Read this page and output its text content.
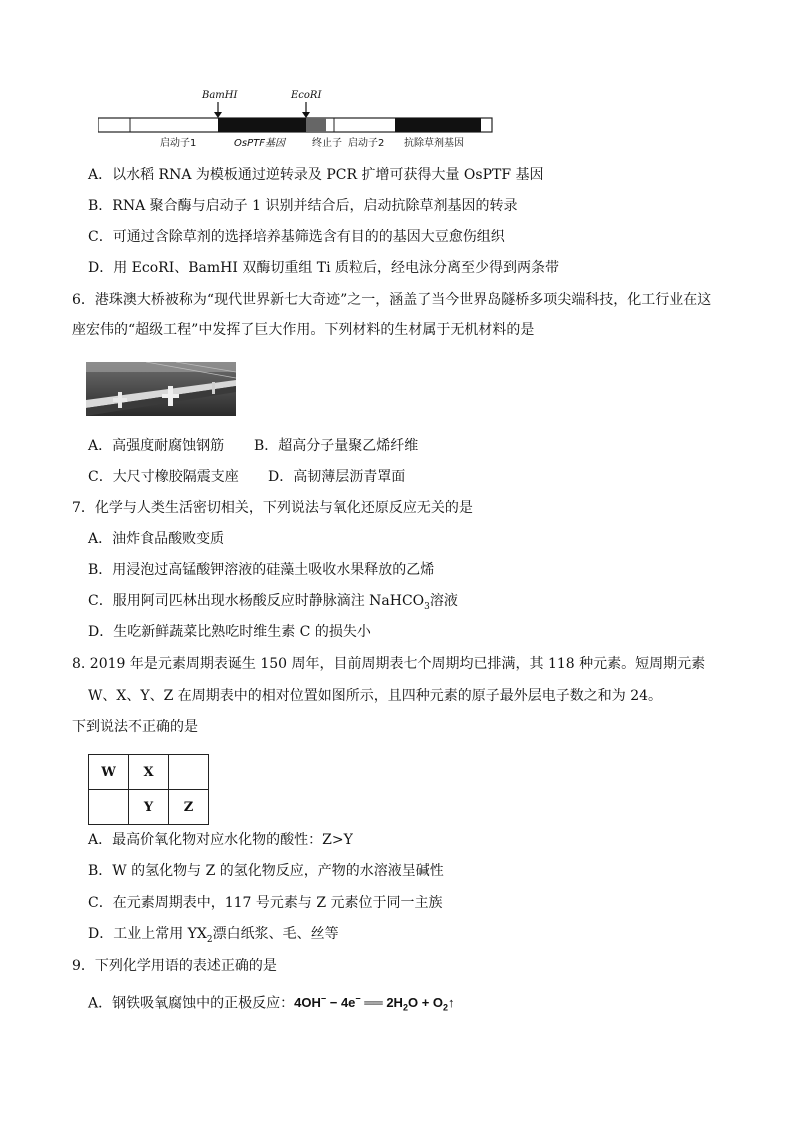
BamHI	EcoRI
启动子1	OsPTF基因	终止子 启动子2 抗除草剂基因
A．以水稻 RNA 为模板通过逆转录及 PCR 扩增可获得大量 OsPTF 基因
B．RNA 聚合酶与启动子 1 识别并结合后，启动抗除草剂基因的转录
C．可通过含除草剂的选择培养基筛选含有目的的基因大豆愈伤组织
D．用 EcoRI、BamHI 双酶切重组 Ti 质粒后，经电泳分离至少得到两条带
6．港珠澳大桥被称为“现代世界新七大奇迹”之一，涵盖了当今世界岛隧桥多项尖端科技，化工行业在这
座宏伟的“超级工程”中发挥了巨大作用。下列材料的生材属于无机材料的是
A．高强度耐腐蚀钢筋 B．超高分子量聚乙烯纤维
C．大尺寸橡胶隔震支座 D．高韧薄层沥青罩面
7．化学与人类生活密切相关，下列说法与氧化还原反应无关的是
A．油炸食品酸败变质
B．用浸泡过高锰酸钾溶液的硅藻土吸收水果释放的乙烯
C．服用阿司匹林出现水杨酸反应时静脉滴注 NaHCO$_3$溶液
D．生吃新鲜蔬菜比熟吃时维生素 C 的损失小
8. 2019 年是元素周期表诞生 150 周年，目前周期表七个周期均已排满，其 118 种元素。短周期元素
W、X、Y、Z 在周期表中的相对位置如图所示，且四种元素的原子最外层电子数之和为 24。
下到说法不正确的是
W	X	
	Y	Z
A．最高价氧化物对应水化物的酸性：Z>Y
B．W 的氢化物与 Z 的氢化物反应，产物的水溶液呈碱性
C．在元素周期表中，117 号元素与 Z 元素位于同一主族
D．工业上常用 $YX_2$漂白纸浆、毛、丝等
9．下列化学用语的表述正确的是
A．钢铁吸氧腐蚀中的正极反应：4OH− − 4e− ══ $2H_2O$ + $O_2↑$
